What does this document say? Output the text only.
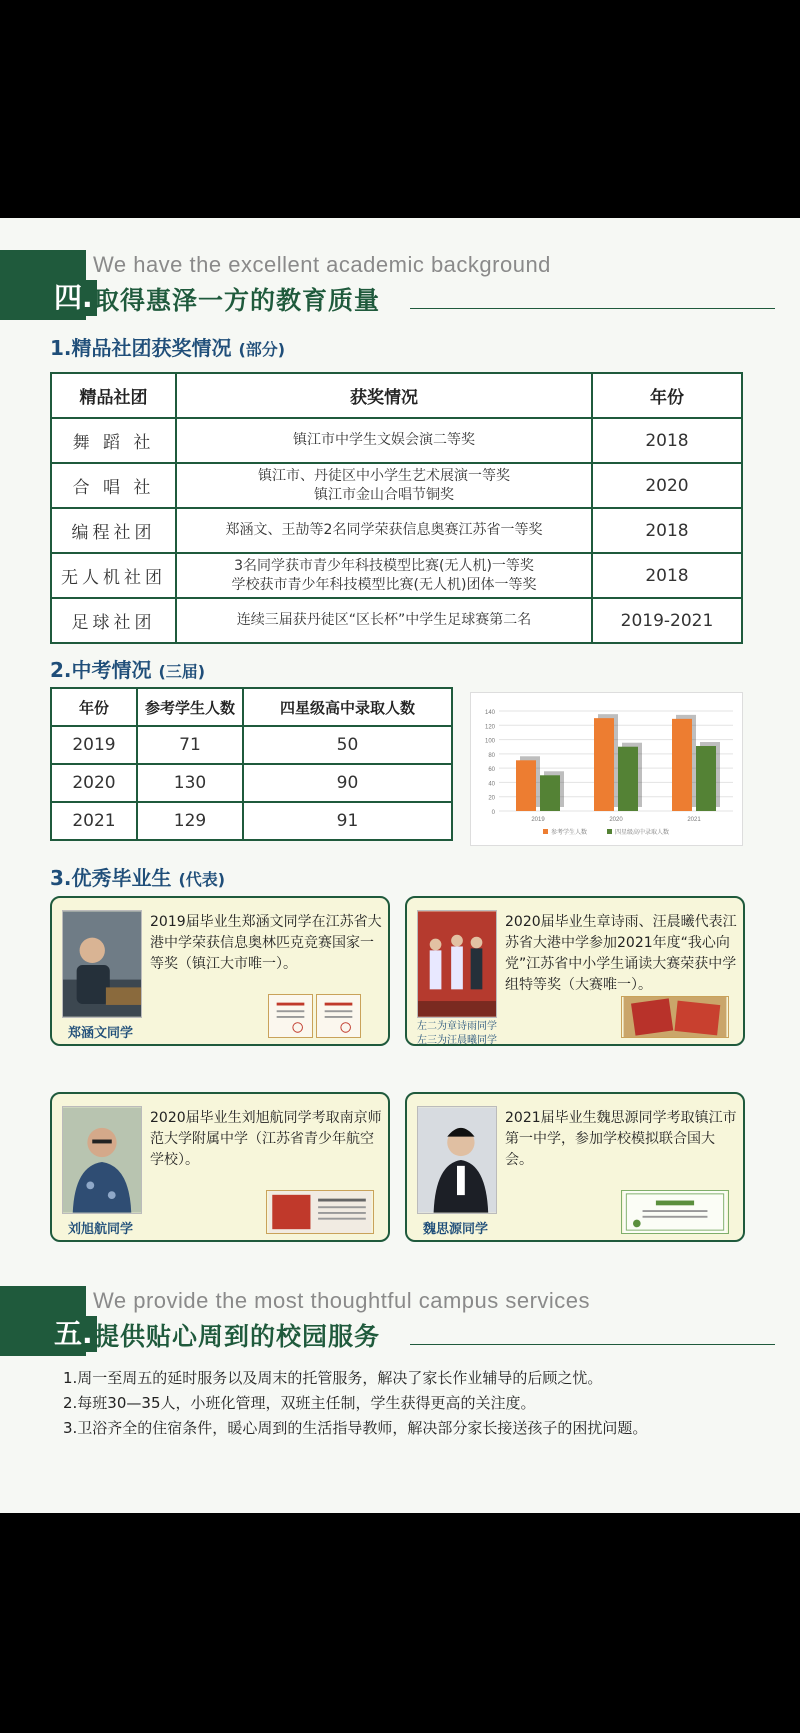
We have the excellent academic background
四. 取得惠泽一方的教育质量
1.精品社团获奖情况 (部分)
精品社团	获奖情况	年份
舞 蹈 社	镇江市中学生文娱会演二等奖	2018
合 唱 社	镇江市、丹徒区中小学生艺术展演一等奖
镇江市金山合唱节铜奖	2020
编程社团	郑涵文、王劼等2名同学荣获信息奥赛江苏省一等奖	2018
无人机社团	3名同学获市青少年科技模型比赛(无人机)一等奖
学校获市青少年科技模型比赛(无人机)团体一等奖	2018
足球社团	连续三届获丹徒区“区长杯”中学生足球赛第二名	2019-2021
2.中考情况 (三届)
年份	参考学生人数	四星级高中录取人数
2019	71	50
2020	130	90
2021	129	91	0
20
40
60
80
100
120
140
2019	2020	2021
参考学生人数	四星级高中录取人数
3.优秀毕业生 (代表)
郑涵文同学
2019届毕业生郑涵文同学在江苏省大港中学荣获信息奥林匹克竞赛国家一等奖（镇江大市唯一）。
左二为章诗雨同学
左三为汪晨曦同学
2020届毕业生章诗雨、汪晨曦代表江苏省大港中学参加2021年度“我心向党”江苏省中小学生诵读大赛荣获中学组特等奖（大赛唯一）。
刘旭航同学
2020届毕业生刘旭航同学考取南京师范大学附属中学（江苏省青少年航空学校）。
魏思源同学
2021届毕业生魏思源同学考取镇江市第一中学，参加学校模拟联合国大会。
We provide the most thoughtful campus services
五. 提供贴心周到的校园服务
1.周一至周五的延时服务以及周末的托管服务，解决了家长作业辅导的后顾之忧。
2.每班30—35人，小班化管理，双班主任制，学生获得更高的关注度。
3.卫浴齐全的住宿条件，暖心周到的生活指导教师，解决部分家长接送孩子的困扰问题。
